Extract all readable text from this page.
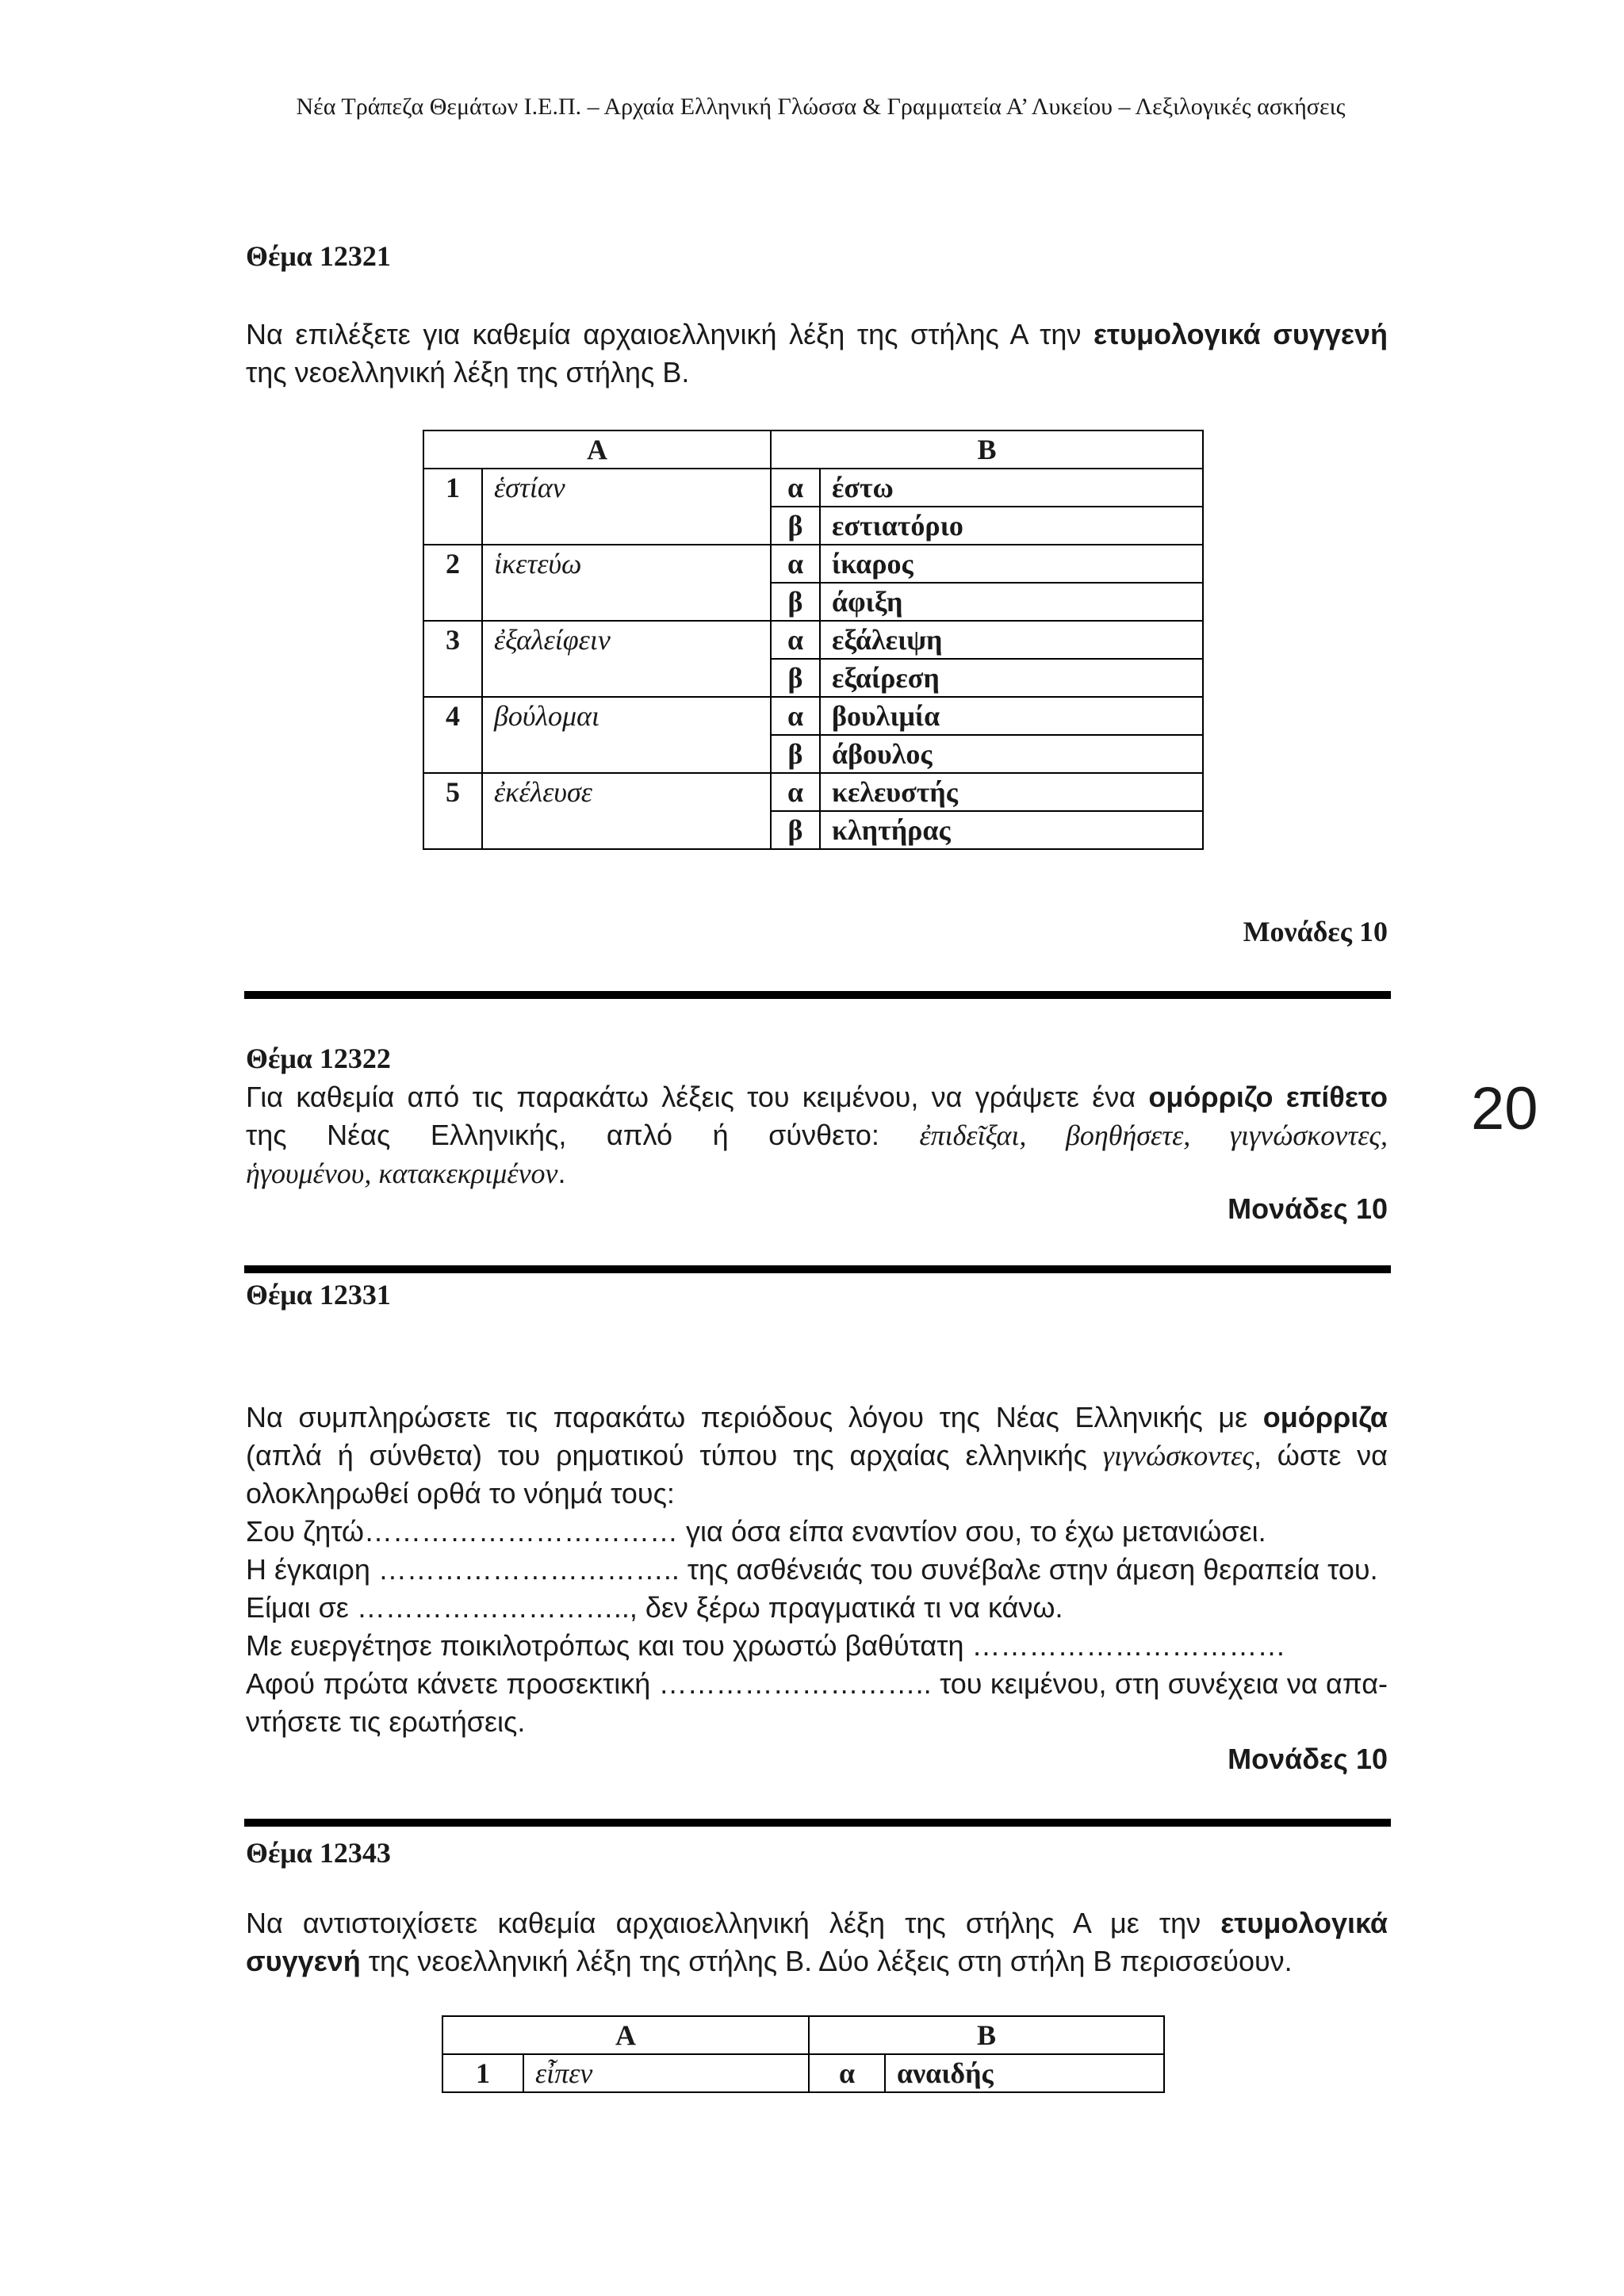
Νέα Τράπεζα Θεμάτων Ι.Ε.Π. – Αρχαία Ελληνική Γλώσσα & Γραμματεία Α’ Λυκείου – Λεξιλογικές ασκήσεις
Θέμα 12321
Να επιλέξετε για καθεμία αρχαιοελληνική λέξη της στήλης Α την ετυμολογικά συγγενή
της νεοελληνική λέξη της στήλης Β.
Α		Β	
1	ἑστίαν	α	έστω
		β	εστιατόριο
2	ἱκετεύω	α	ίκαρος
		β	άφιξη
3	ἐξαλείφειν	α	εξάλειψη
		β	εξαίρεση
4	βούλομαι	α	βουλιμία
		β	άβουλος
5	ἐκέλευσε	α	κελευστής
		β	κλητήρας
Μονάδες 10
Θέμα 12322
Για καθεμία από τις παρακάτω λέξεις του κειμένου, να γράψετε ένα ομόρριζο επίθετο
της Νέας Ελληνικής, απλό ή σύνθετο: ἐπιδεῖξαι, βοηθήσετε, γιγνώσκοντες,
ἡγουμένου, κατακεκριμένον.
Μονάδες 10
Θέμα 12331
Να συμπληρώσετε τις παρακάτω περιόδους λόγου της Νέας Ελληνικής με ομόρριζα
(απλά ή σύνθετα) του ρηματικού τύπου της αρχαίας ελληνικής γιγνώσκοντες, ώστε να
ολοκληρωθεί ορθά το νόημά τους:
Σου ζητώ…………………………… για όσα είπα εναντίον σου, το έχω μετανιώσει.
Η έγκαιρη ………………………….. της ασθένειάς του συνέβαλε στην άμεση θεραπεία του.
Είμαι σε ……………………….., δεν ξέρω πραγματικά τι να κάνω.
Με ευεργέτησε ποικιλοτρόπως και του χρωστώ βαθύτατη ……………………………
Αφού πρώτα κάνετε προσεκτική ……………………….. του κειμένου, στη συνέχεια να απα-
ντήσετε τις ερωτήσεις.
Μονάδες 10
Θέμα 12343
Να αντιστοιχίσετε καθεμία αρχαιοελληνική λέξη της στήλης Α με την ετυμολογικά
συγγενή της νεοελληνική λέξη της στήλης Β. Δύο λέξεις στη στήλη Β περισσεύουν.
Α		Β	
1	εἶπεν	α	αναιδής
20
